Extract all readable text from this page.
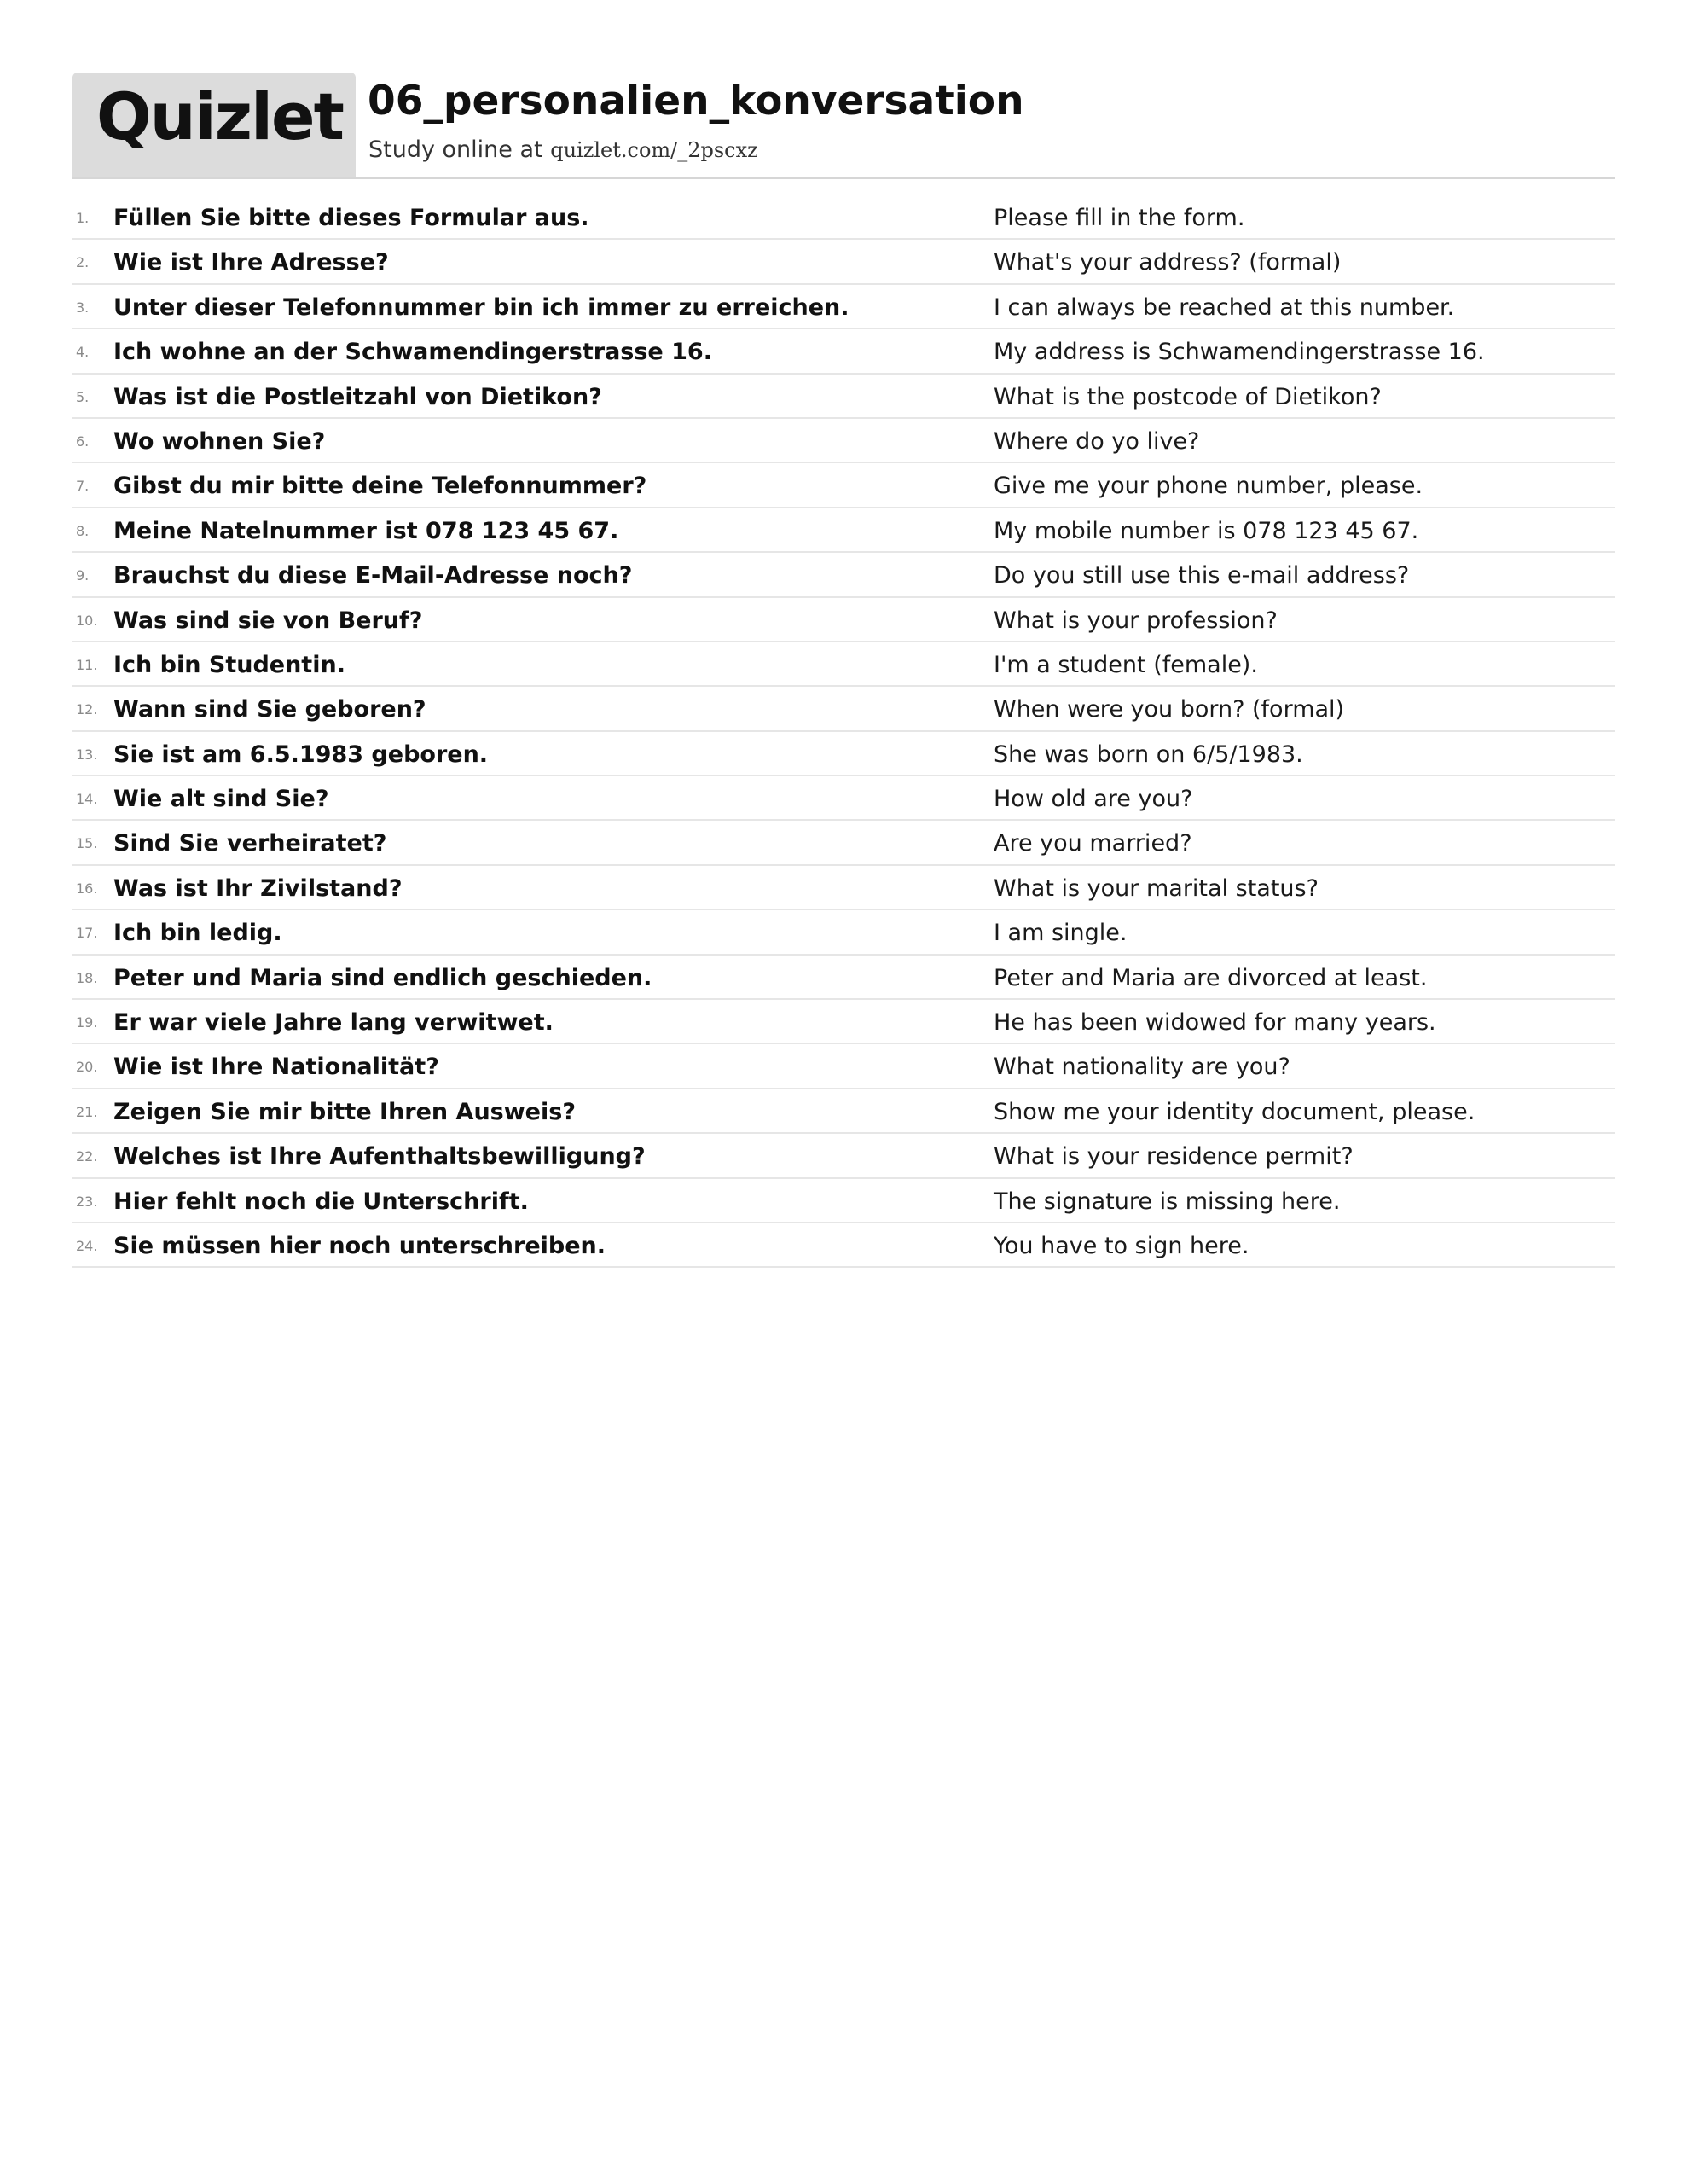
Quizlet 06_personalien_konversation
Study online at quizlet.com/_2pscxz
1. Füllen Sie bitte dieses Formular aus.	Please fill in the form.
2. Wie ist Ihre Adresse?	What's your address? (formal)
3. Unter dieser Telefonnummer bin ich immer zu erreichen.	I can always be reached at this number.
4. Ich wohne an der Schwamendingerstrasse 16.	My address is Schwamendingerstrasse 16.
5. Was ist die Postleitzahl von Dietikon?	What is the postcode of Dietikon?
6. Wo wohnen Sie?	Where do yo live?
7. Gibst du mir bitte deine Telefonnummer?	Give me your phone number, please.
8. Meine Natelnummer ist 078 123 45 67.	My mobile number is 078 123 45 67.
9. Brauchst du diese E-Mail-Adresse noch?	Do you still use this e-mail address?
10. Was sind sie von Beruf?	What is your profession?
11. Ich bin Studentin.	I'm a student (female).
12. Wann sind Sie geboren?	When were you born? (formal)
13. Sie ist am 6.5.1983 geboren.	She was born on 6/5/1983.
14. Wie alt sind Sie?	How old are you?
15. Sind Sie verheiratet?	Are you married?
16. Was ist Ihr Zivilstand?	What is your marital status?
17. Ich bin ledig.	I am single.
18. Peter und Maria sind endlich geschieden.	Peter and Maria are divorced at least.
19. Er war viele Jahre lang verwitwet.	He has been widowed for many years.
20. Wie ist Ihre Nationalität?	What nationality are you?
21. Zeigen Sie mir bitte Ihren Ausweis?	Show me your identity document, please.
22. Welches ist Ihre Aufenthaltsbewilligung?	What is your residence permit?
23. Hier fehlt noch die Unterschrift.	The signature is missing here.
24. Sie müssen hier noch unterschreiben.	You have to sign here.
